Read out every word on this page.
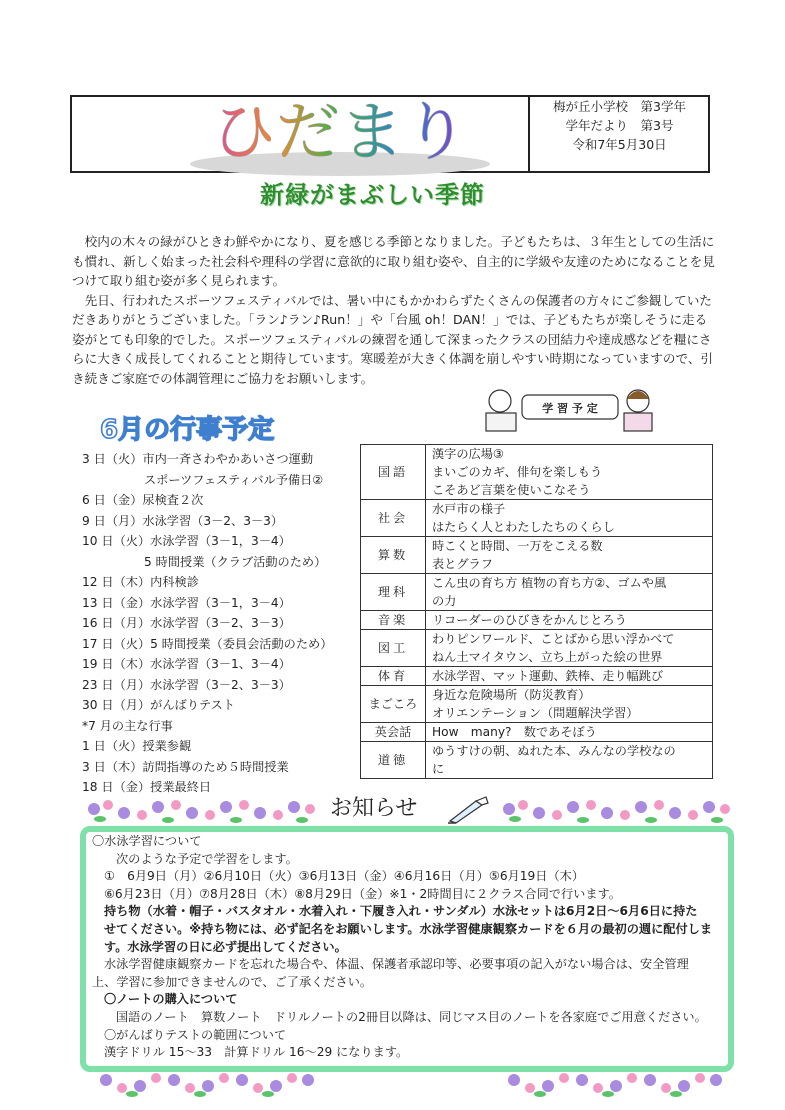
ひだまり	梅が丘小学校　第3学年
学年だより　第3号
令和7年5月30日
新緑がまぶしい季節

校内の木々の緑がひときわ鮮やかになり、夏を感じる季節となりました。子どもたちは、３年生としての生活にも慣れ、新しく始まった社会科や理科の学習に意欲的に取り組む姿や、自主的に学級や友達のためになることを見つけて取り組む姿が多く見られます。

先日、行われたスポーツフェスティバルでは、暑い中にもかかわらずたくさんの保護者の方々にご参観していただきありがとうございました。「ラン♪ラン♪Run！」や「台風 oh！DAN！」では、子どもたちが楽しそうに走る姿がとても印象的でした。スポーツフェスティバルの練習を通して深まったクラスの団結力や達成感などを糧にさらに大きく成長してくれることと期待しています。寒暖差が大きく体調を崩しやすい時期になっていますので、引き続きご家庭での体調管理にご協力をお願いします。

学 習 予 定
6月の行事予定
3 日（火）市内一斉さわやかあいさつ運動
スポーツフェスティバル予備日②
6 日（金）尿検査２次
9 日（月）水泳学習（3－2、3－3）
10 日（火）水泳学習（3－1，3－4）
5 時間授業（クラブ活動のため）
12 日（木）内科検診
13 日（金）水泳学習（3－1，3－4）
16 日（月）水泳学習（3－2、3－3）
17 日（火）5 時間授業（委員会活動のため）
19 日（木）水泳学習（3－1、3－4）
23 日（月）水泳学習（3－2、3－3）
30 日（月）がんばりテスト
*7 月の主な行事
1 日（火）授業参観
3 日（木）訪問指導のため５時間授業
18 日（金）授業最終日
国語	漢字の広場③
まいごのカギ、俳句を楽しもう
こそあど言葉を使いこなそう

社会	水戸市の様子
はたらく人とわたしたちのくらし

算数	時こくと時間、一万をこえる数
表とグラフ

理科	こん虫の育ち方 植物の育ち方②、ゴムや風
の力

音楽	リコーダーのひびきをかんじとろう

図工	わりピンワールド、ことばから思い浮かべて
ねん土マイタウン、立ち上がった絵の世界

体育	水泳学習、マット運動、鉄棒、走り幅跳び

まごころ	身近な危険場所（防災教育）
オリエンテーション（問題解決学習）

英会話	How　many?　数であそぼう

道徳	ゆうすけの朝、ぬれた本、みんなの学校なの
に
お知らせ
〇水泳学習について
次のような予定で学習をします。
①　6月9日（月）②6月10日（火）③6月13日（金）④6月16日（月）⑤6月19日（木）
⑥6月23日（月）⑦8月28日（木）⑧8月29日（金）※1・2時間目に２クラス合同で行います。
持ち物（水着・帽子・バスタオル・水着入れ・下履き入れ・サンダル）水泳セットは6月2日～6月6日に持た
せてください。※持ち物には、必ず記名をお願いします。水泳学習健康観察カードを６月の最初の週に配付しま
す。水泳学習の日に必ず提出してください。
水泳学習健康観察カードを忘れた場合や、体温、保護者承認印等、必要事項の記入がない場合は、安全管理
上、学習に参加できませんので、ご了承ください。
〇ノートの購入について
国語のノート　算数ノート　ドリルノートの2冊目以降は、同じマス目のノートを各家庭でご用意ください。
〇がんばりテストの範囲について
漢字ドリル 15～33　計算ドリル 16～29 になります。
